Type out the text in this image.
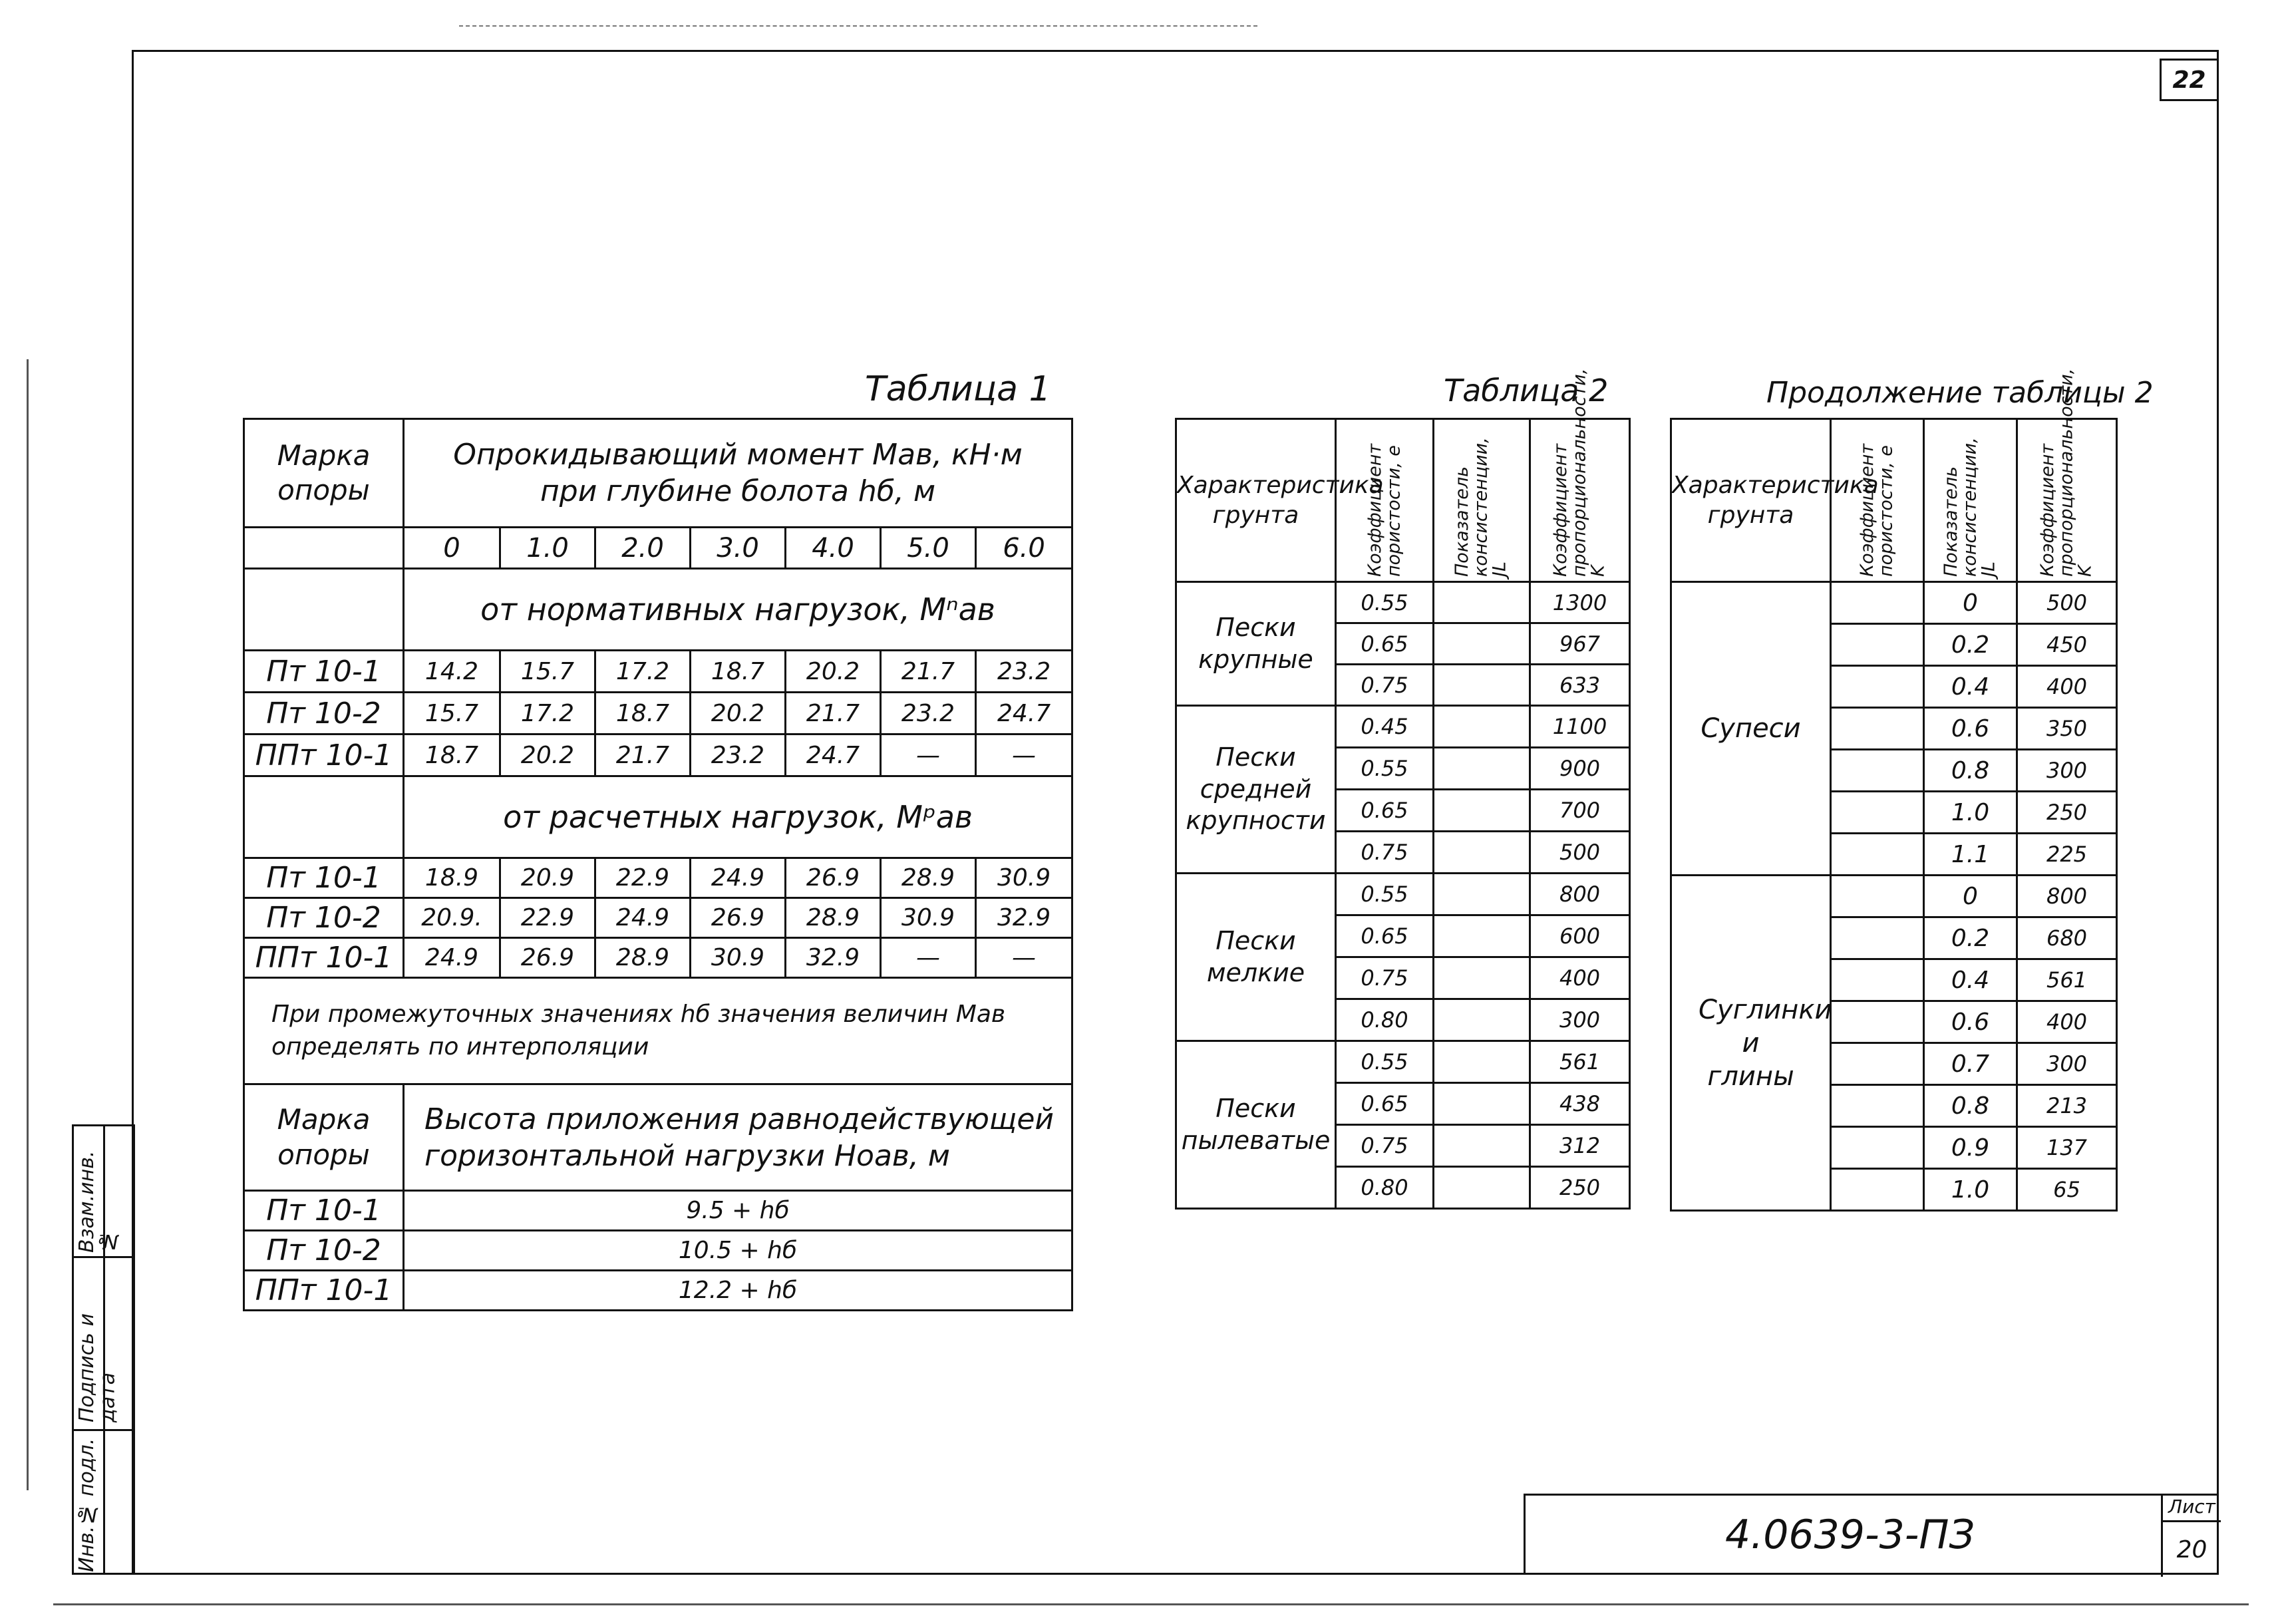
22
Взам.инв.№
Подпись и дата
Инв.№ подл.	4.0639-3-ПЗ
Лист
20
Таблица 1
Марка опоры	Опрокидывающий момент Mав, кН·м при глубине болота hб, м						
	0	1.0	2.0	3.0	4.0	5.0	6.0
	от нормативных нагрузок, Mⁿав						
Пт 10-1	14.2	15.7	17.2	18.7	20.2	21.7	23.2
Пт 10-2	15.7	17.2	18.7	20.2	21.7	23.2	24.7
ППт 10-1	18.7	20.2	21.7	23.2	24.7	—	—
	от расчетных нагрузок, Mᵖав						
Пт 10-1	18.9	20.9	22.9	24.9	26.9	28.9	30.9
Пт 10-2	20.9.	22.9	24.9	26.9	28.9	30.9	32.9
ППт 10-1	24.9	26.9	28.9	30.9	32.9	—	—
При промежуточных значениях hб значения величин Mав определять по интерполяции							
Марка опоры	Высота приложения равнодействующей горизонтальной нагрузки Hоав, м						
Пт 10-1	9.5 + hб						
Пт 10-2	10.5 + hб						
ППт 10-1	12.2 + hб						
Таблица 2
Характеристика грунта	Коэффициент пористости, e	Показатель консистенции, JL	Коэффициент пропорциональности, K

Пески крупные	0.55		1300
	0.65		967
	0.75		633
Пески средней крупности	0.45		1100
	0.55		900
	0.65		700
	0.75		500
Пески мелкие	0.55		800
	0.65		600
	0.75		400
	0.80		300
Пески пылеватые	0.55		561
	0.65		438
	0.75		312
	0.80		250
Продолжение таблицы 2
Характеристика грунта	Коэффициент пористости, e	Показатель консистенции, JL	Коэффициент пропорциональности, K

Супеси		0	500
		0.2	450
		0.4	400
		0.6	350
		0.8	300
		1.0	250
		1.1	225
Суглинки и глины		0	800
		0.2	680
		0.4	561
		0.6	400
		0.7	300
		0.8	213
		0.9	137
		1.0	65
